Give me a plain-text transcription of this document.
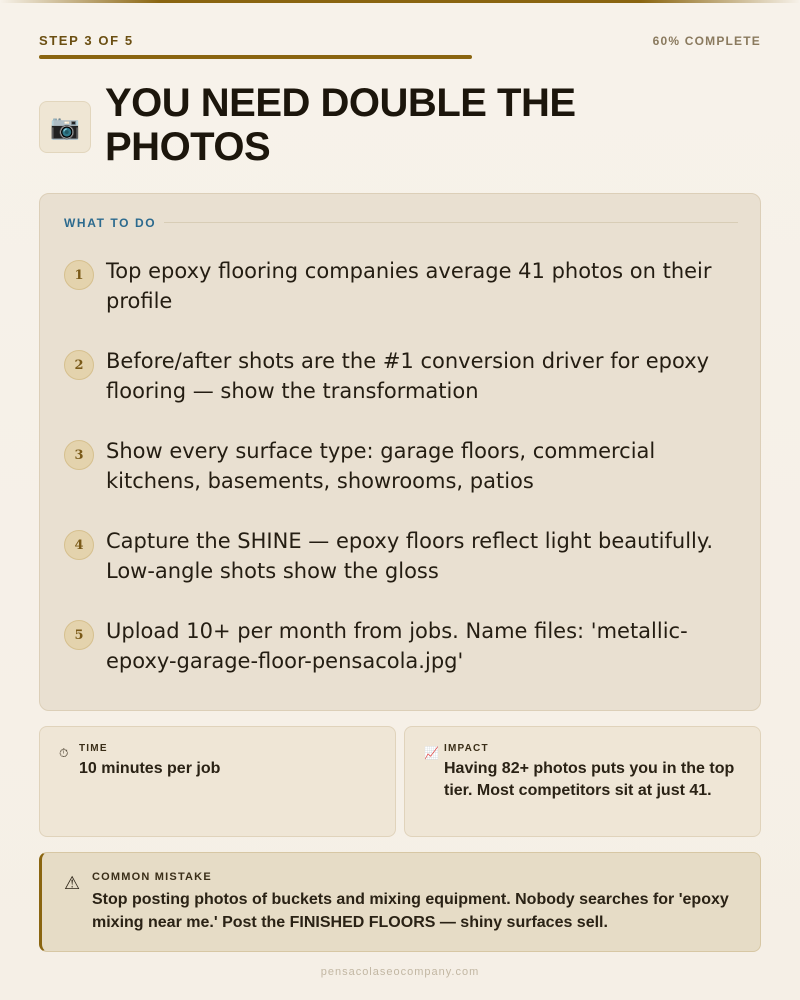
STEP 3 OF 5	60% COMPLETE
📷
YOU NEED DOUBLE THE PHOTOS
WHAT TO DO
1	Top epoxy flooring companies average 41 photos on their profile
2	Before/after shots are the #1 conversion driver for epoxy flooring — show the transformation
3	Show every surface type: garage floors, commercial kitchens, basements, showrooms, patios
4	Capture the SHINE — epoxy floors reflect light beautifully. Low-angle shots show the gloss
5	Upload 10+ per month from jobs. Name files: 'metallic-epoxy-garage-floor-pensacola.jpg'
⏱ TIME
10 minutes per job
📈 IMPACT
Having 82+ photos puts you in the top tier. Most competitors sit at just 41.
⚠ COMMON MISTAKE
Stop posting photos of buckets and mixing equipment. Nobody searches for 'epoxy mixing near me.' Post the FINISHED FLOORS — shiny surfaces sell.
pensacolaseocompany.com
